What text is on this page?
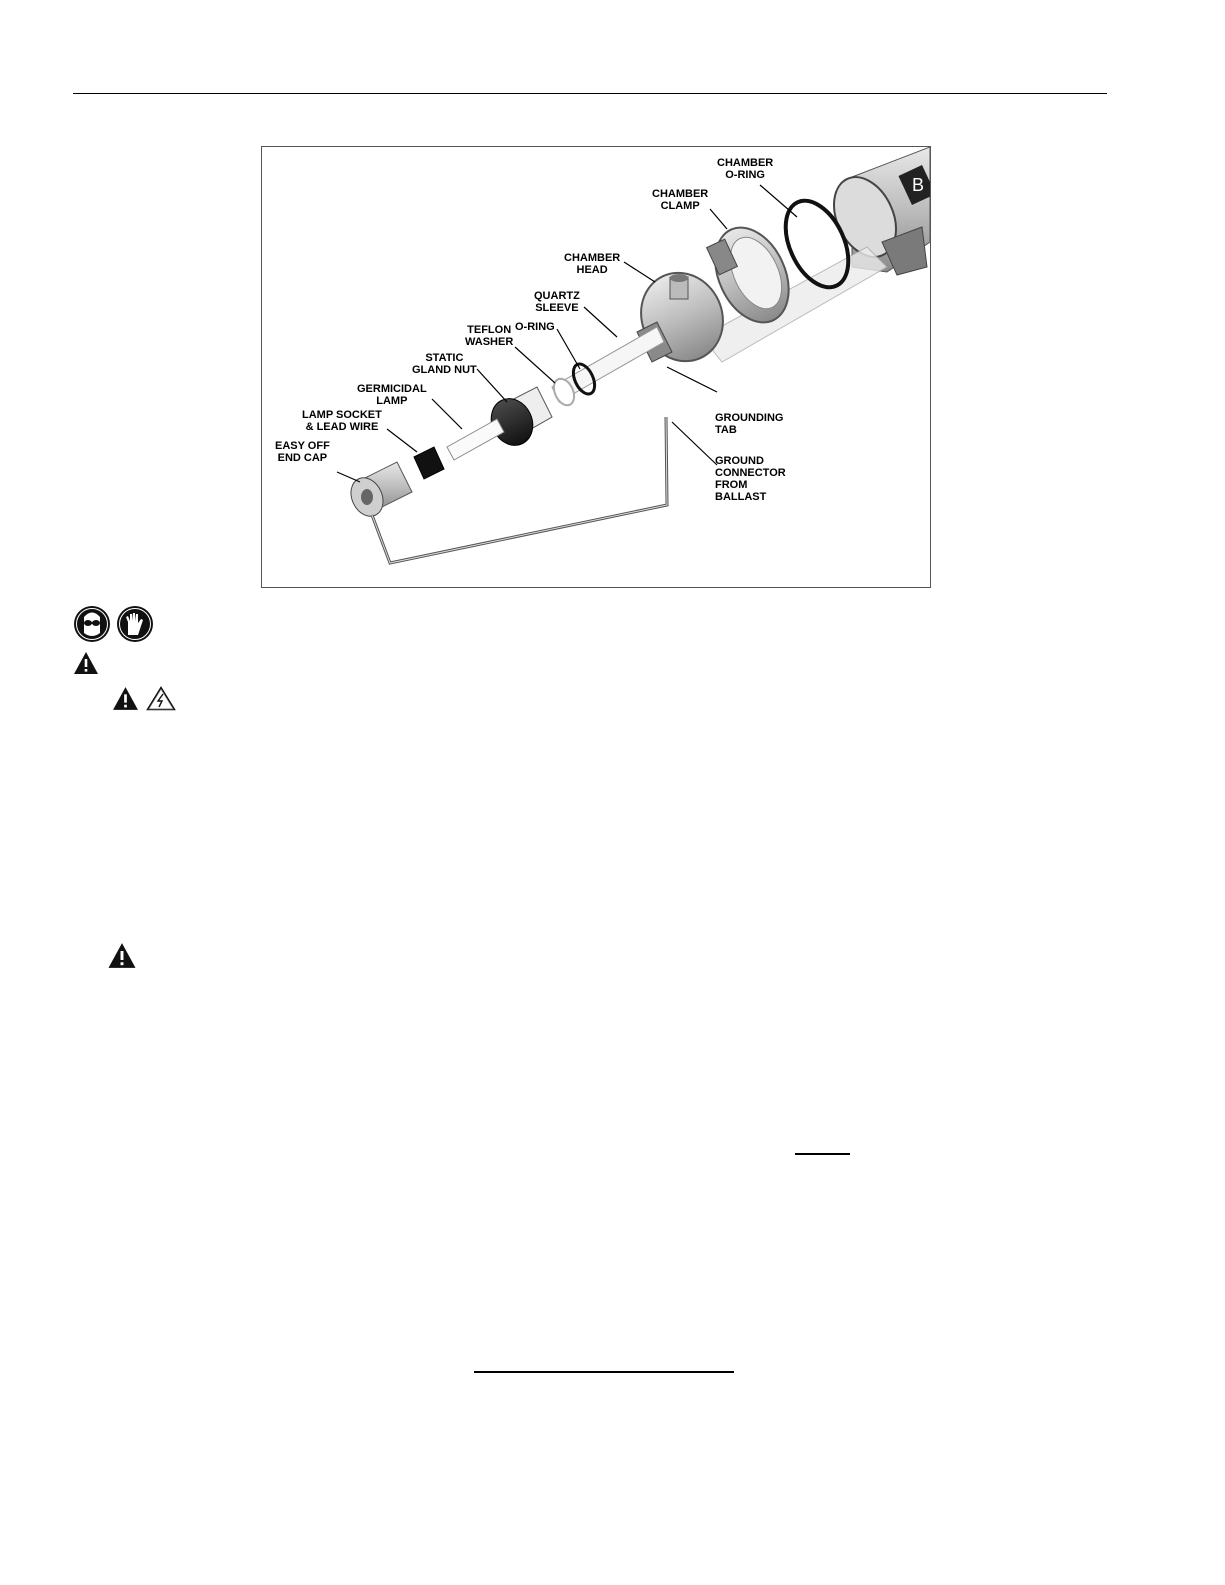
B
CHAMBER
O-RING
CHAMBER
CLAMP
CHAMBER
HEAD
QUARTZ
SLEEVE
O-RING
TEFLON
WASHER
STATIC
GLAND NUT
GERMICIDAL
LAMP
LAMP SOCKET
& LEAD WIRE
EASY OFF
END CAP
GROUNDING
TAB
GROUND
CONNECTOR
FROM
BALLAST
